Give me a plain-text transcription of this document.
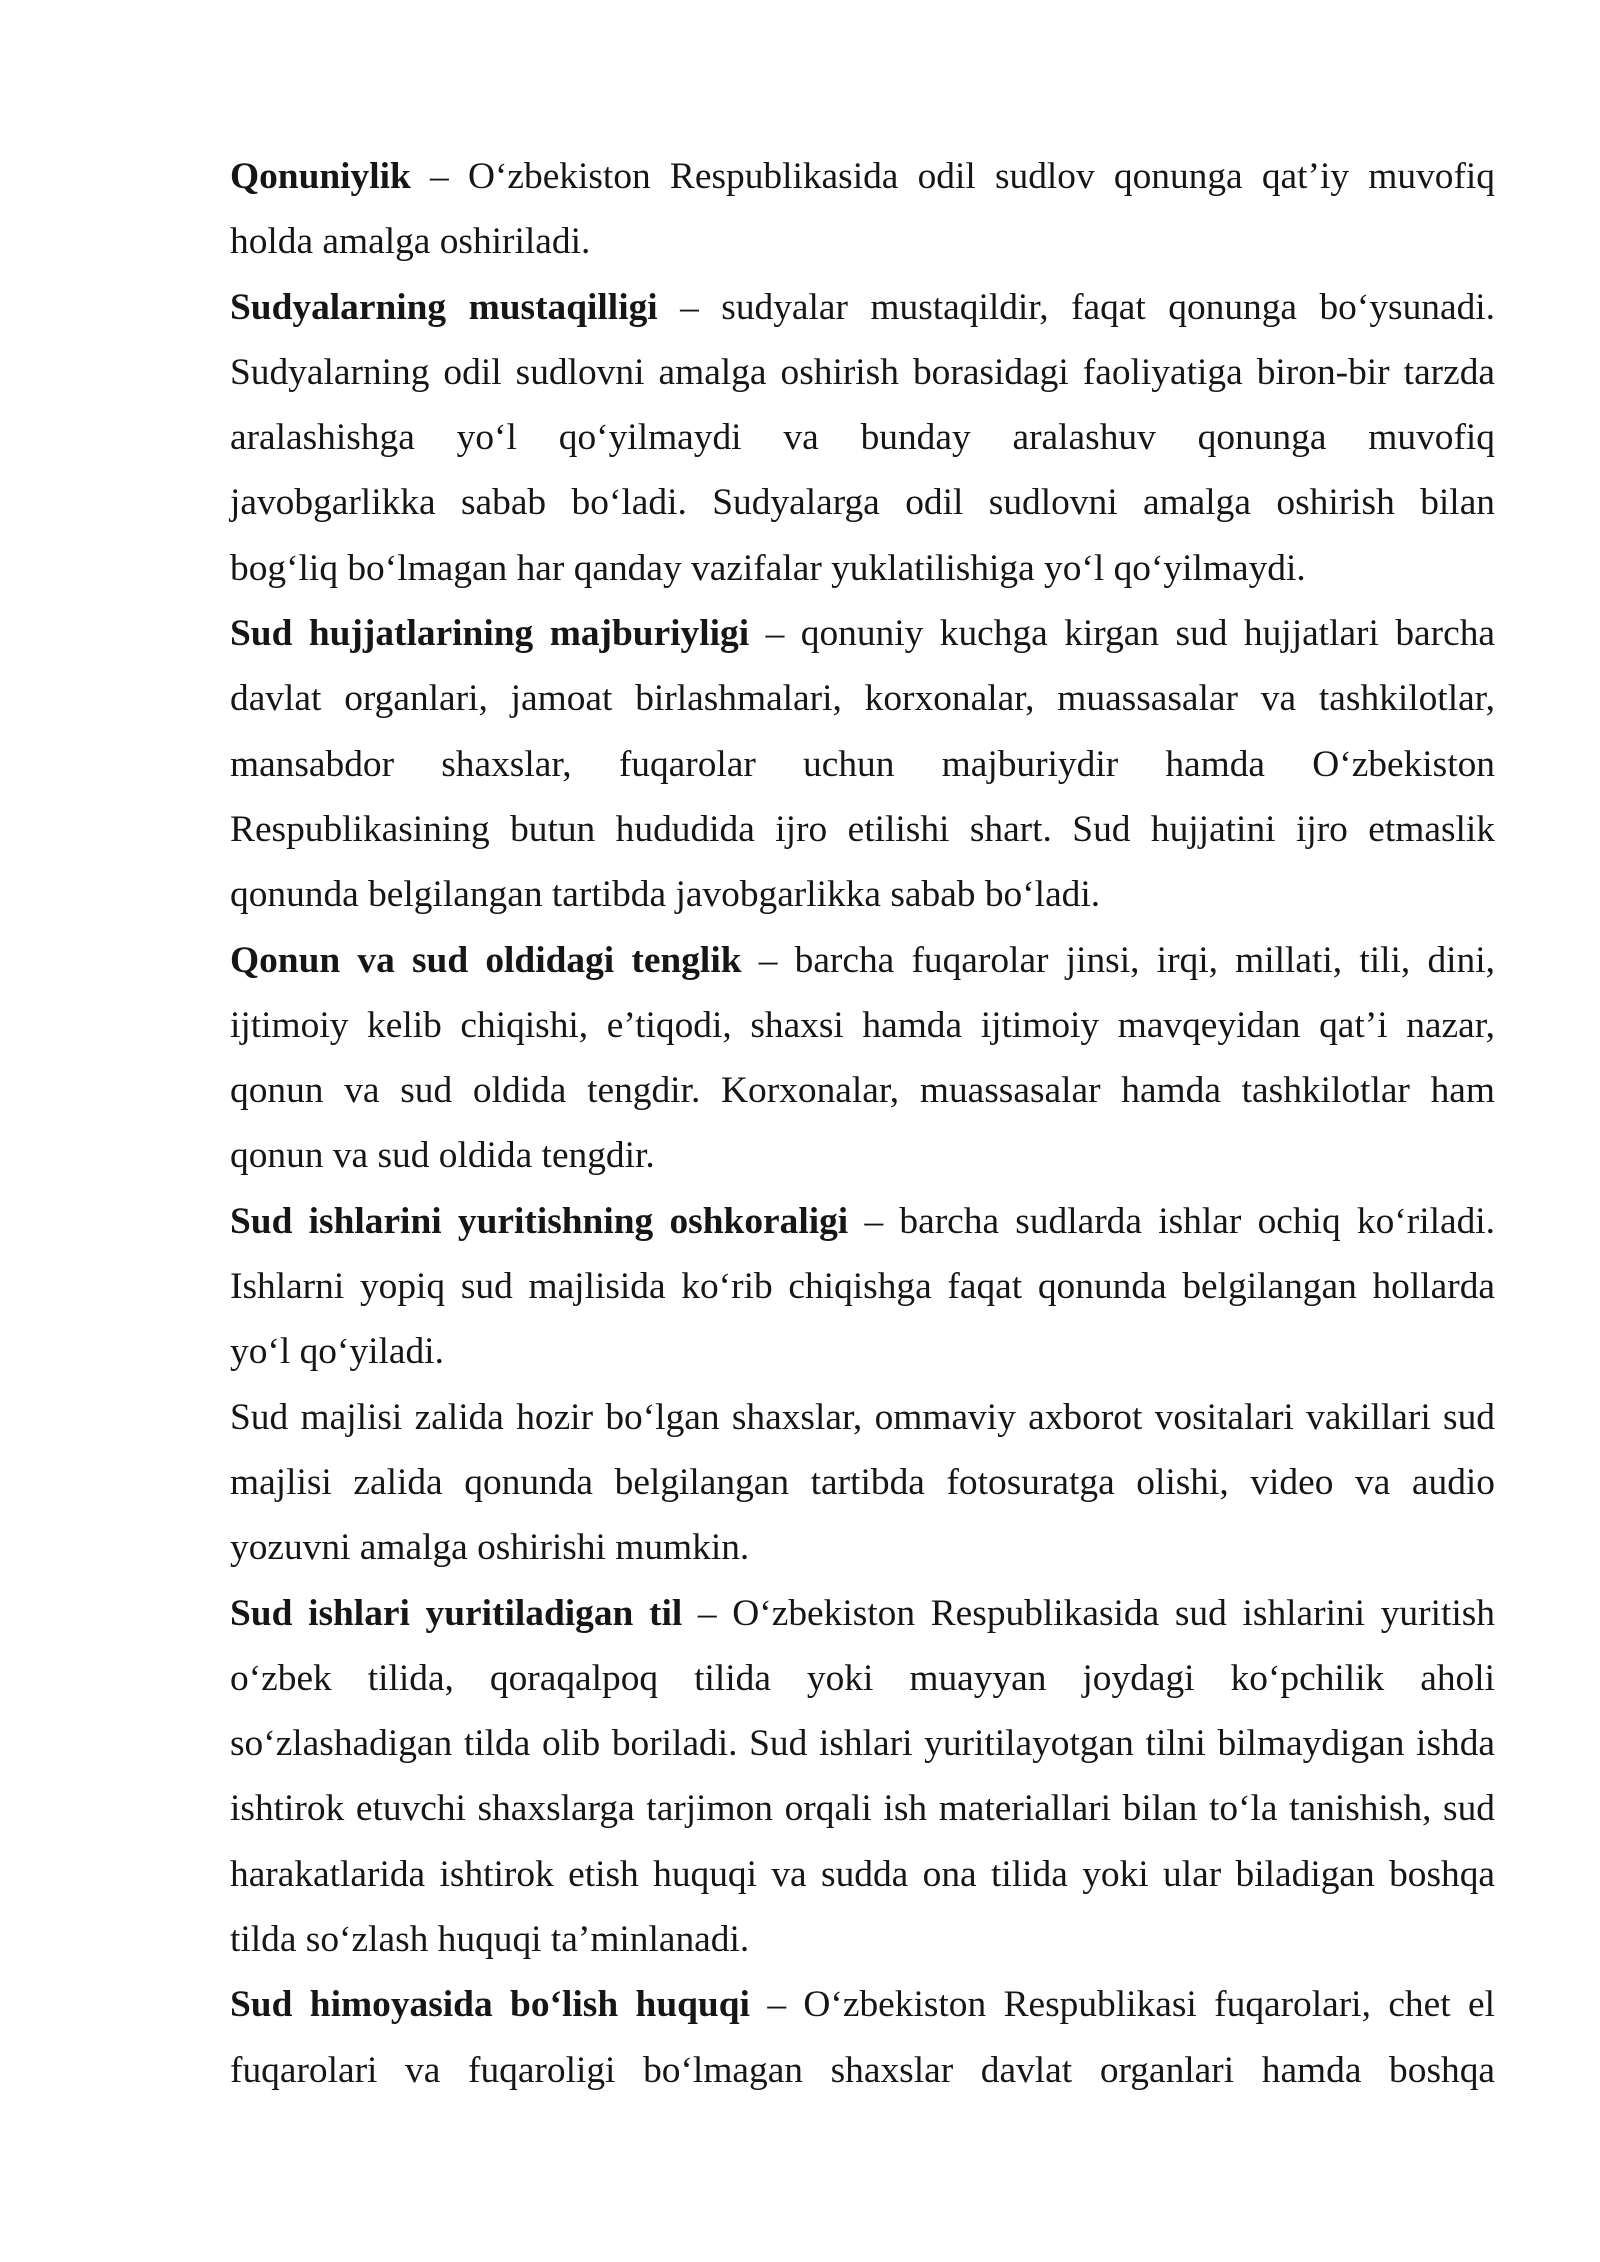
Qonuniylik – O‘zbekiston Respublikasida odil sudlov qonunga qat’iy muvofiq
holda amalga oshiriladi.
Sudyalarning mustaqilligi – sudyalar mustaqildir, faqat qonunga bo‘ysunadi.
Sudyalarning odil sudlovni amalga oshirish borasidagi faoliyatiga biron-bir tarzda
aralashishga yo‘l qo‘yilmaydi va bunday aralashuv qonunga muvofiq
javobgarlikka sabab bo‘ladi. Sudyalarga odil sudlovni amalga oshirish bilan
bog‘liq bo‘lmagan har qanday vazifalar yuklatilishiga yo‘l qo‘yilmaydi.
Sud hujjatlarining majburiyligi – qonuniy kuchga kirgan sud hujjatlari barcha
davlat organlari, jamoat birlashmalari, korxonalar, muassasalar va tashkilotlar,
mansabdor shaxslar, fuqarolar uchun majburiydir hamda O‘zbekiston
Respublikasining butun hududida ijro etilishi shart. Sud hujjatini ijro etmaslik
qonunda belgilangan tartibda javobgarlikka sabab bo‘ladi.
Qonun va sud oldidagi tenglik – barcha fuqarolar jinsi, irqi, millati, tili, dini,
ijtimoiy kelib chiqishi, e’tiqodi, shaxsi hamda ijtimoiy mavqeyidan qat’i nazar,
qonun va sud oldida tengdir. Korxonalar, muassasalar hamda tashkilotlar ham
qonun va sud oldida tengdir.
Sud ishlarini yuritishning oshkoraligi – barcha sudlarda ishlar ochiq ko‘riladi.
Ishlarni yopiq sud majlisida ko‘rib chiqishga faqat qonunda belgilangan hollarda
yo‘l qo‘yiladi.
Sud majlisi zalida hozir bo‘lgan shaxslar, ommaviy axborot vositalari vakillari sud
majlisi zalida qonunda belgilangan tartibda fotosuratga olishi, video va audio
yozuvni amalga oshirishi mumkin.
Sud ishlari yuritiladigan til – O‘zbekiston Respublikasida sud ishlarini yuritish
o‘zbek tilida, qoraqalpoq tilida yoki muayyan joydagi ko‘pchilik aholi
so‘zlashadigan tilda olib boriladi. Sud ishlari yuritilayotgan tilni bilmaydigan ishda
ishtirok etuvchi shaxslarga tarjimon orqali ish materiallari bilan to‘la tanishish, sud
harakatlarida ishtirok etish huquqi va sudda ona tilida yoki ular biladigan boshqa
tilda so‘zlash huquqi ta’minlanadi.
Sud himoyasida bo‘lish huquqi – O‘zbekiston Respublikasi fuqarolari, chet el
fuqarolari va fuqaroligi bo‘lmagan shaxslar davlat organlari hamda boshqa
